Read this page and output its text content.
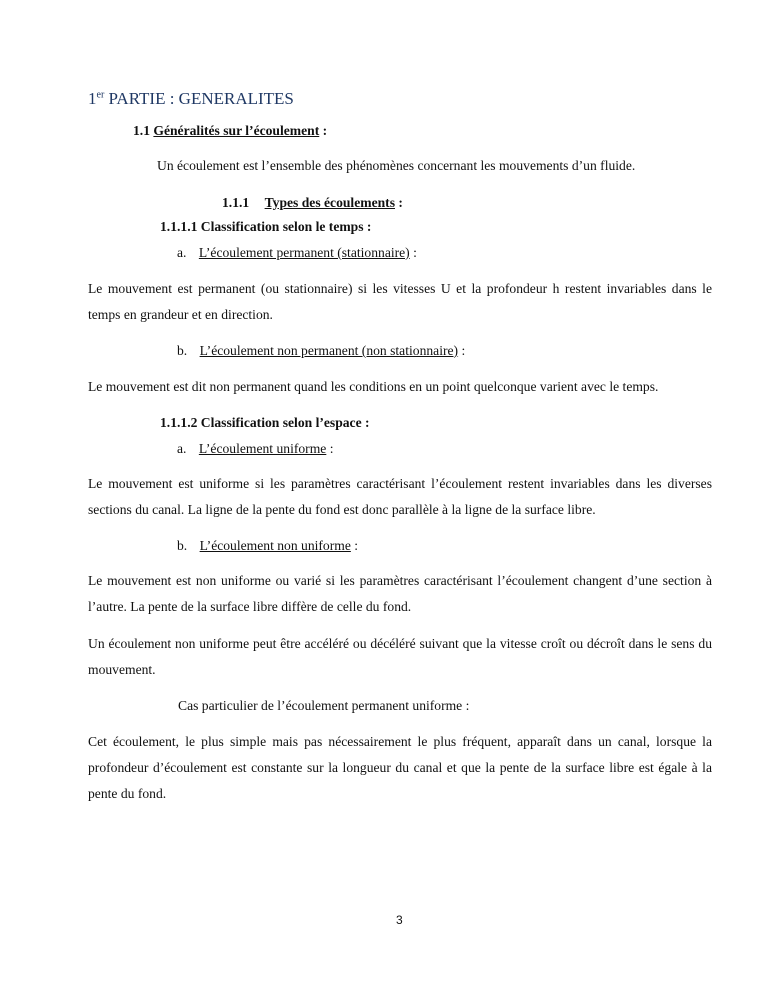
1er PARTIE : GENERALITES
1.1 Généralités sur l’écoulement :
Un écoulement est l’ensemble des phénomènes concernant les mouvements d’un fluide.
1.1.1 Types des écoulements :
1.1.1.1 Classification selon le temps :
a. L’écoulement permanent (stationnaire) :
Le mouvement est permanent (ou stationnaire) si les vitesses U et la profondeur h restent invariables dans le temps en grandeur et en direction.
b. L’écoulement non permanent (non stationnaire) :
Le mouvement est dit non permanent quand les conditions en un point quelconque varient avec le temps.
1.1.1.2 Classification selon l’espace :
a. L’écoulement uniforme :
Le mouvement est uniforme si les paramètres caractérisant l’écoulement restent invariables dans les diverses sections du canal. La ligne de la pente du fond est donc parallèle à la ligne de la surface libre.
b. L’écoulement non uniforme :
Le mouvement est non uniforme ou varié si les paramètres caractérisant l’écoulement changent d’une section à l’autre. La pente de la surface libre diffère de celle du fond.
Un écoulement non uniforme peut être accéléré ou décéléré suivant que la vitesse croît ou décroît dans le sens du mouvement.
Cas particulier de l’écoulement permanent uniforme :
Cet écoulement, le plus simple mais pas nécessairement le plus fréquent, apparaît dans un canal, lorsque la profondeur d’écoulement est constante sur la longueur du canal et que la pente de la surface libre est égale à la pente du fond.
3
